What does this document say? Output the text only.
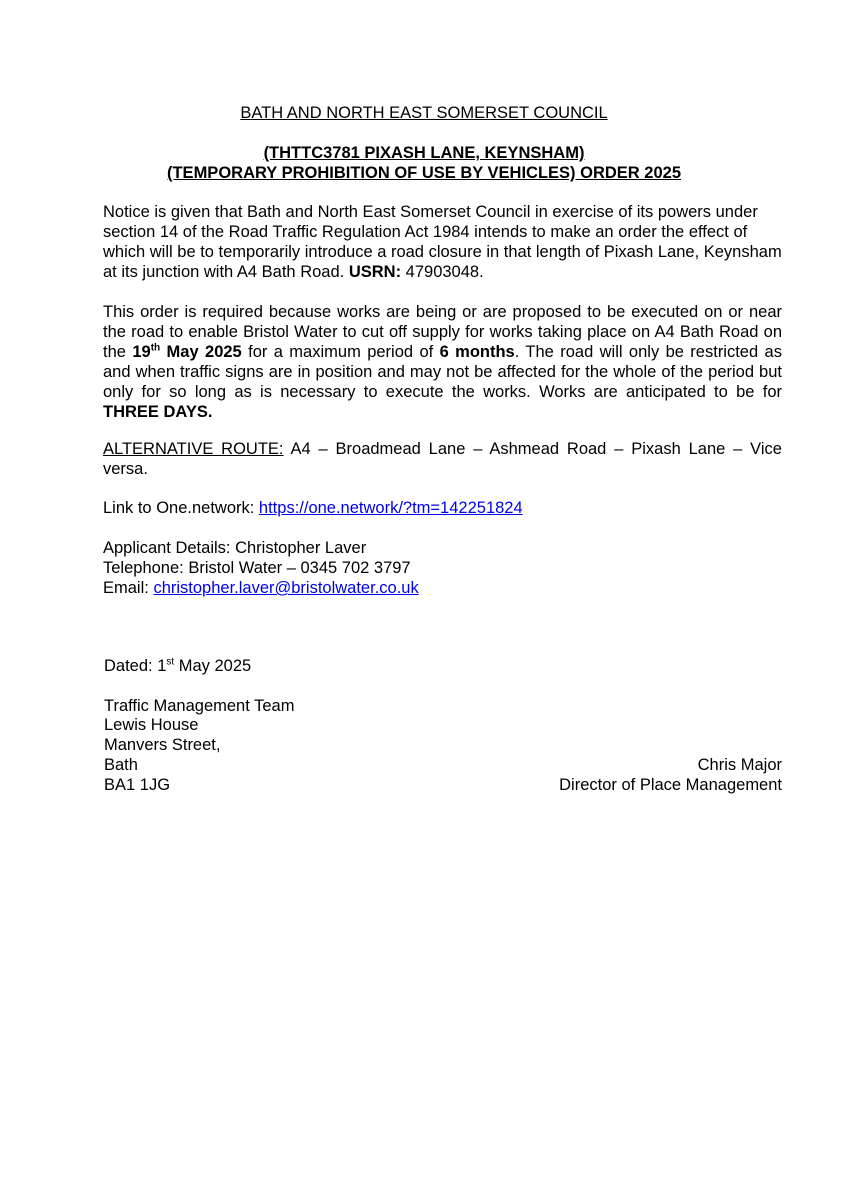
BATH AND NORTH EAST SOMERSET COUNCIL
(THTTC3781 PIXASH LANE, KEYNSHAM)
(TEMPORARY PROHIBITION OF USE BY VEHICLES) ORDER 2025
Notice is given that Bath and North East Somerset Council in exercise of its powers under section 14 of the Road Traffic Regulation Act 1984 intends to make an order the effect of which will be to temporarily introduce a road closure in that length of Pixash Lane, Keynsham at its junction with A4 Bath Road. USRN: 47903048.
This order is required because works are being or are proposed to be executed on or near the road to enable Bristol Water to cut off supply for works taking place on A4 Bath Road on the 19th May 2025 for a maximum period of 6 months. The road will only be restricted as and when traffic signs are in position and may not be affected for the whole of the period but only for so long as is necessary to execute the works. Works are anticipated to be for THREE DAYS.
ALTERNATIVE ROUTE: A4 – Broadmead Lane – Ashmead Road – Pixash Lane – Vice versa.
Link to One.network: https://one.network/?tm=142251824
Applicant Details: Christopher Laver
Telephone: Bristol Water – 0345 702 3797
Email: christopher.laver@bristolwater.co.uk
Dated: 1st May 2025
Traffic Management Team
Lewis House
Manvers Street,
Bath
BA1 1JG
Chris Major
Director of Place Management
